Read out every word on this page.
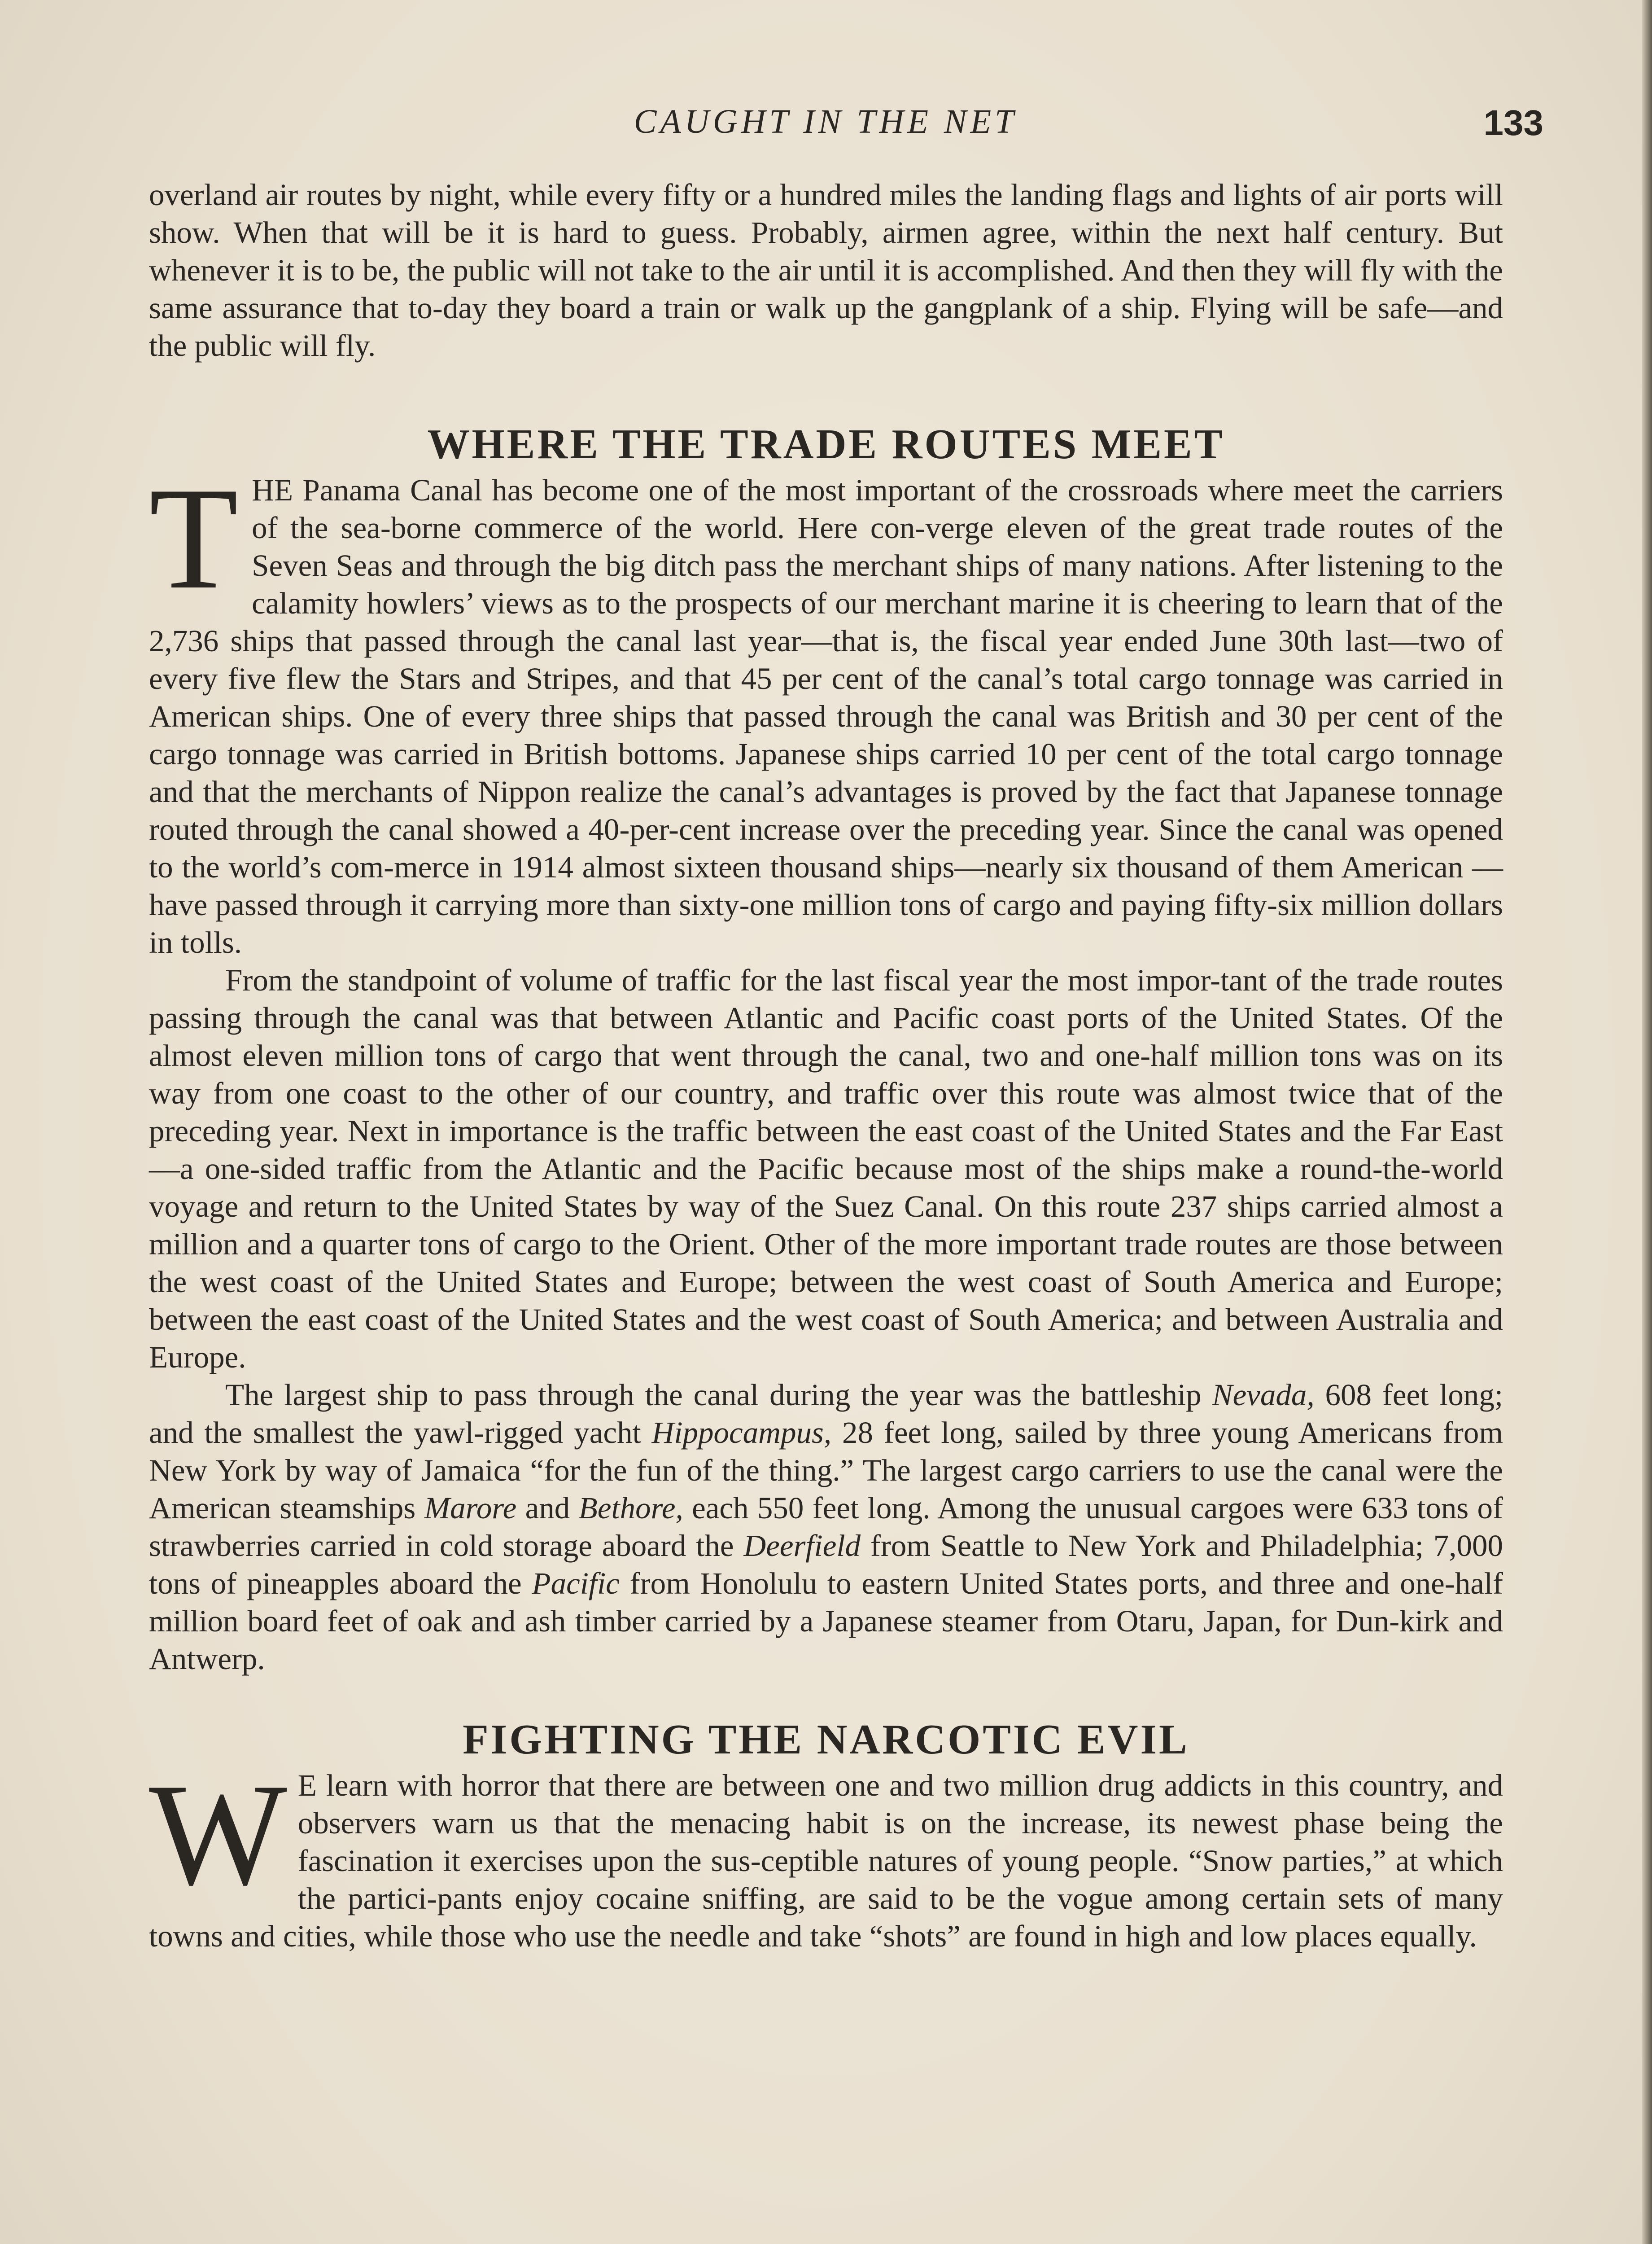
CAUGHT IN THE NET	133

overland air routes by night, while every fifty or a hundred miles the landing flags and lights of air ports will show. When that will be it is hard to guess. Probably, airmen agree, within the next half century. But whenever it is to be, the public will not take to the air until it is accomplished. And then they will fly with the same assurance that to-day they board a train or walk up the gangplank of a ship. Flying will be safe—and the public will fly.

WHERE THE TRADE ROUTES MEET

THE Panama Canal has become one of the most important of the crossroads where meet the carriers of the sea-borne commerce of the world. Here con-verge eleven of the great trade routes of the Seven Seas and through the big ditch pass the merchant ships of many nations. After listening to the calamity howlers’ views as to the prospects of our merchant marine it is cheering to learn that of the 2,736 ships that passed through the canal last year—that is, the fiscal year ended June 30th last—two of every five flew the Stars and Stripes, and that 45 per cent of the canal’s total cargo tonnage was carried in American ships. One of every three ships that passed through the canal was British and 30 per cent of the cargo tonnage was carried in British bottoms. Japanese ships carried 10 per cent of the total cargo tonnage and that the merchants of Nippon realize the canal’s advantages is proved by the fact that Japanese tonnage routed through the canal showed a 40-per-cent increase over the preceding year. Since the canal was opened to the world’s com-merce in 1914 almost sixteen thousand ships—nearly six thousand of them American —have passed through it carrying more than sixty-one million tons of cargo and paying fifty-six million dollars in tolls.

From the standpoint of volume of traffic for the last fiscal year the most impor-tant of the trade routes passing through the canal was that between Atlantic and Pacific coast ports of the United States. Of the almost eleven million tons of cargo that went through the canal, two and one-half million tons was on its way from one coast to the other of our country, and traffic over this route was almost twice that of the preceding year. Next in importance is the traffic between the east coast of the United States and the Far East—a one-sided traffic from the Atlantic and the Pacific because most of the ships make a round-the-world voyage and return to the United States by way of the Suez Canal. On this route 237 ships carried almost a million and a quarter tons of cargo to the Orient. Other of the more important trade routes are those between the west coast of the United States and Europe; between the west coast of South America and Europe; between the east coast of the United States and the west coast of South America; and between Australia and Europe.

The largest ship to pass through the canal during the year was the battleship Nevada, 608 feet long; and the smallest the yawl-rigged yacht Hippocampus, 28 feet long, sailed by three young Americans from New York by way of Jamaica “for the fun of the thing.” The largest cargo carriers to use the canal were the American steamships Marore and Bethore, each 550 feet long. Among the unusual cargoes were 633 tons of strawberries carried in cold storage aboard the Deerfield from Seattle to New York and Philadelphia; 7,000 tons of pineapples aboard the Pacific from Honolulu to eastern United States ports, and three and one-half million board feet of oak and ash timber carried by a Japanese steamer from Otaru, Japan, for Dun-kirk and Antwerp.

FIGHTING THE NARCOTIC EVIL

W E learn with horror that there are between one and two million drug addicts in this country, and observers warn us that the menacing habit is on the increase, its newest phase being the fascination it exercises upon the sus-ceptible natures of young people. “Snow parties,” at which the partici-pants enjoy cocaine sniffing, are said to be the vogue among certain sets of many towns and cities, while those who use the needle and take “shots” are found in high and low places equally.
